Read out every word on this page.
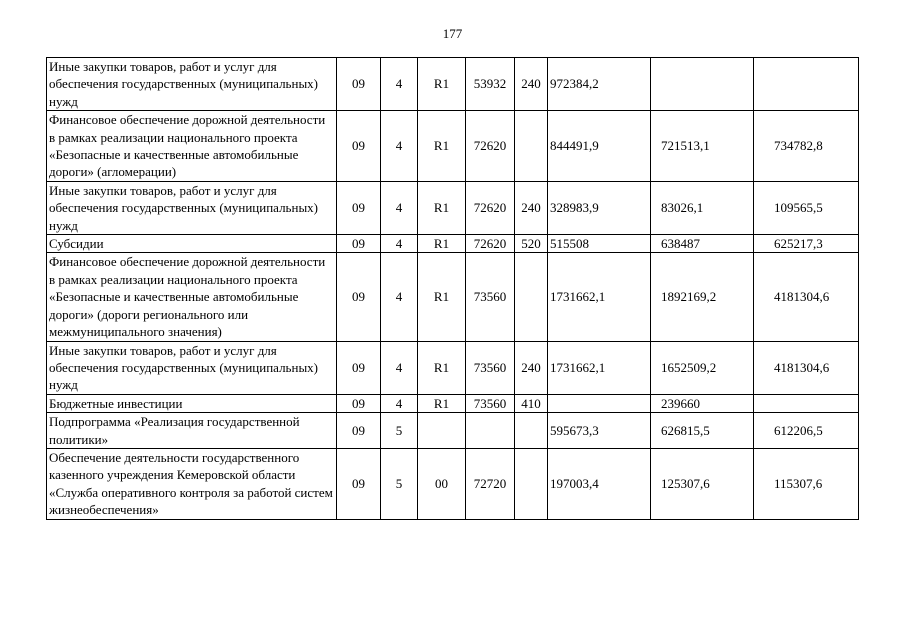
177
Иные закупки товаров, работ и услуг для обеспечения государственных (муниципальных) нужд	09	4	R1	53932	240	972384,2		
Финансовое обеспечение дорожной деятельности в рамках реализации национального проекта «Безопасные и качественные автомобильные дороги» (агломерации)	09	4	R1	72620		844491,9	721513,1	734782,8
Иные закупки товаров, работ и услуг для обеспечения государственных (муниципальных) нужд	09	4	R1	72620	240	328983,9	83026,1	109565,5
Субсидии	09	4	R1	72620	520	515508	638487	625217,3
Финансовое обеспечение дорожной деятельности в рамках реализации национального проекта «Безопасные и качественные автомобильные дороги» (дороги регионального или межмуниципального значения)	09	4	R1	73560		1731662,1	1892169,2	4181304,6
Иные закупки товаров, работ и услуг для обеспечения государственных (муниципальных) нужд	09	4	R1	73560	240	1731662,1	1652509,2	4181304,6
Бюджетные инвестиции	09	4	R1	73560	410		239660	
Подпрограмма «Реализация государственной политики»	09	5				595673,3	626815,5	612206,5
Обеспечение деятельности государственного казенного учреждения Кемеровской области «Служба оперативного контроля за работой систем жизнеобеспечения»	09	5	00	72720		197003,4	125307,6	115307,6
